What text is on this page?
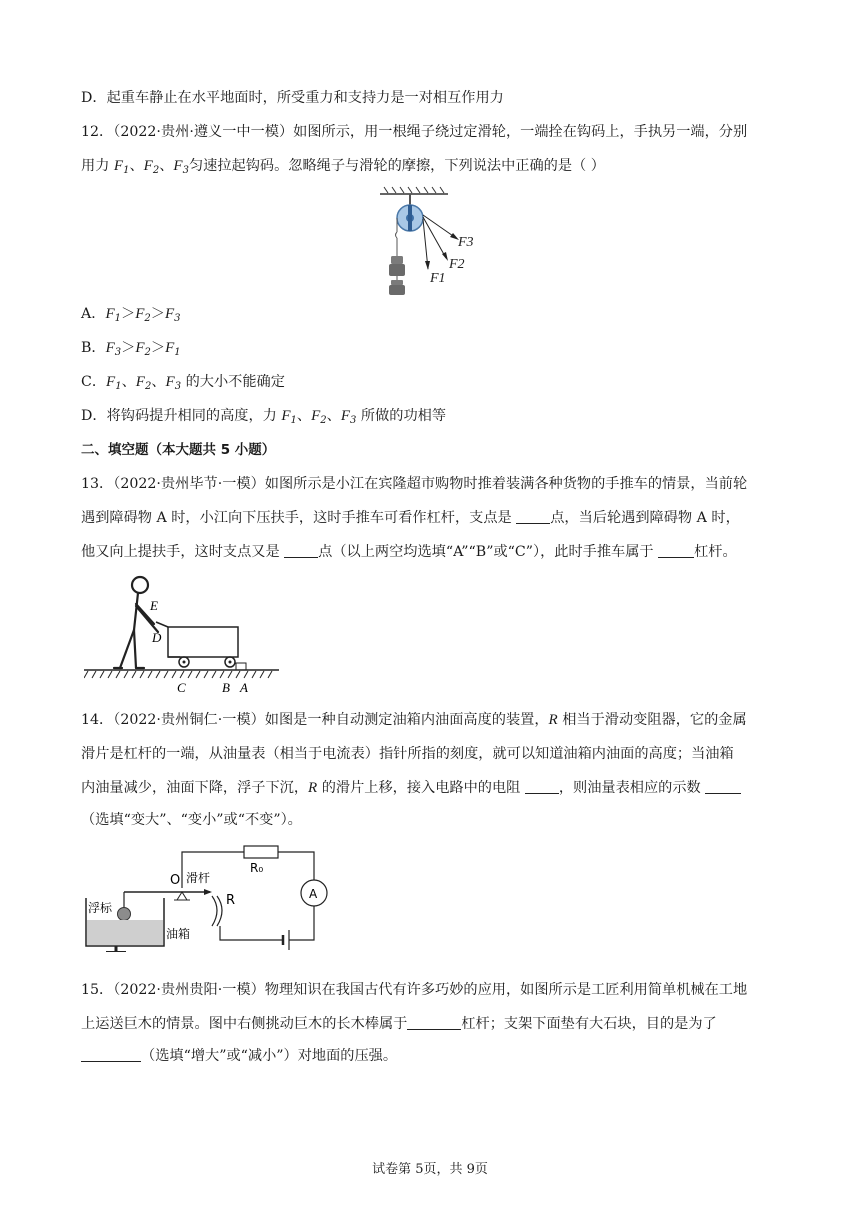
D．起重车静止在水平地面时，所受重力和支持力是一对相互作用力
12．（2022·贵州·遵义一中一模）如图所示，用一根绳子绕过定滑轮，一端拴在钩码上，手执另一端，分别
用力 $F_1$、$F_2$、$F_3$匀速拉起钩码。忽略绳子与滑轮的摩擦，下列说法中正确的是（ ）
F3
F2
F1
A．$F_1>F_2>F_3$
B．$F_3>F_2>F_1$
C．$F_1$、$F_2$、$F_3$ 的大小不能确定
D．将钩码提升相同的高度，力 $F_1$、$F_2$、$F_3$ 所做的功相等
二、填空题（本大题共 5 小题）
13．（2022·贵州毕节·一模）如图所示是小江在宾隆超市购物时推着装满各种货物的手推车的情景，当前轮
遇到障碍物 A 时，小江向下压扶手，这时手推车可看作杠杆，支点是	点，当后轮遇到障碍物 A 时，
他又向上提扶手，这时支点又是	点（以上两空均选填“A”“B”或“C”），此时手推车属于	杠杆。
E
D
C	B A
14．（2022·贵州铜仁·一模）如图是一种自动测定油箱内油面高度的装置，R 相当于滑动变阻器，它的金属
滑片是杠杆的一端，从油量表（相当于电流表）指针所指的刻度，就可以知道油箱内油面的高度；当油箱
内油量减少，油面下降，浮子下沉，R 的滑片上移，接入电路中的电阻	，则油量表相应的示数
（选填“变大”、“变小”或“不变”）。
R₀
O 滑杆
R	A
浮标
油箱
15．（2022·贵州贵阳·一模）物理知识在我国古代有许多巧妙的应用，如图所示是工匠利用简单机械在工地
上运送巨木的情景。图中右侧挑动巨木的长木棒属于	杠杆；支架下面垫有大石块，目的是为了
（选填“增大”或“减小”）对地面的压强。
试卷第 5页，共 9页
